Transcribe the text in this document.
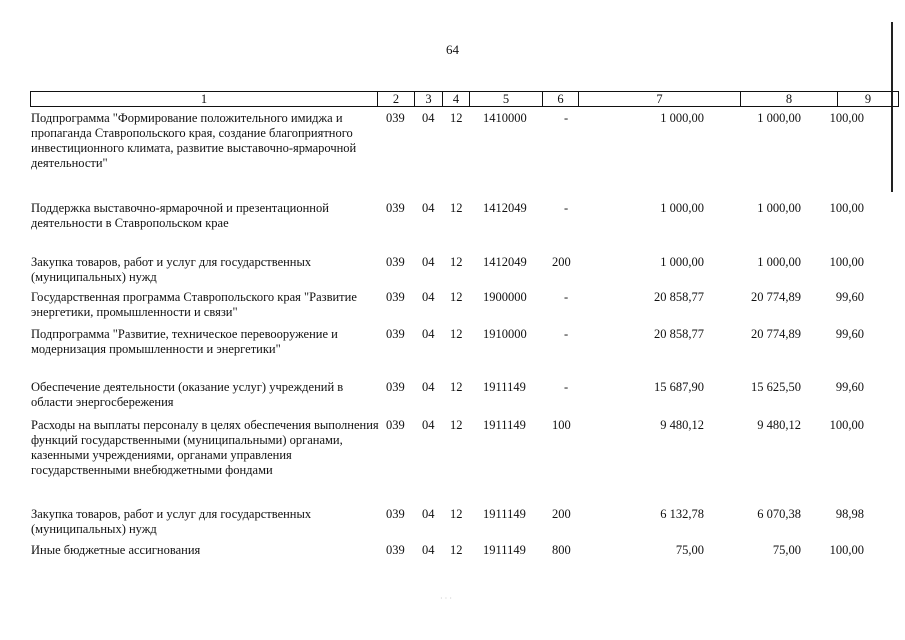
64
1	2	3	4	5	6	7	8	9
Подпрограмма "Формирование положительного имиджа и пропаганда Ставропольского края, создание благоприятного инвестиционного климата, развитие выставочно-ярмарочной деятельности"
039	04	12	1410000	-	1 000,00	1 000,00	100,00
Поддержка выставочно-ярмарочной и презентационной деятельности в Ставропольском крае
039	04	12	1412049	-	1 000,00	1 000,00	100,00
Закупка товаров, работ и услуг для государственных (муниципальных) нужд
039	04	12	1412049	200	1 000,00	1 000,00	100,00
Государственная программа Ставропольского края "Развитие энергетики, промышленности и связи"
039	04	12	1900000	-	20 858,77	20 774,89	99,60
Подпрограмма "Развитие, техническое перевооружение и модернизация промышленности и энергетики"
039	04	12	1910000	-	20 858,77	20 774,89	99,60
Обеспечение деятельности (оказание услуг) учреждений в области энергосбережения
039	04	12	1911149	-	15 687,90	15 625,50	99,60
Расходы на выплаты персоналу в целях обеспечения выполнения функций государственными (муниципальными) органами, казенными учреждениями, органами управления государственными внебюджетными фондами
039	04	12	1911149	100	9 480,12	9 480,12	100,00
Закупка товаров, работ и услуг для государственных (муниципальных) нужд
039	04	12	1911149	200	6 132,78	6 070,38	98,98
Иные бюджетные ассигнования	039	04	12	1911149	800	75,00	75,00	100,00
· · ·
